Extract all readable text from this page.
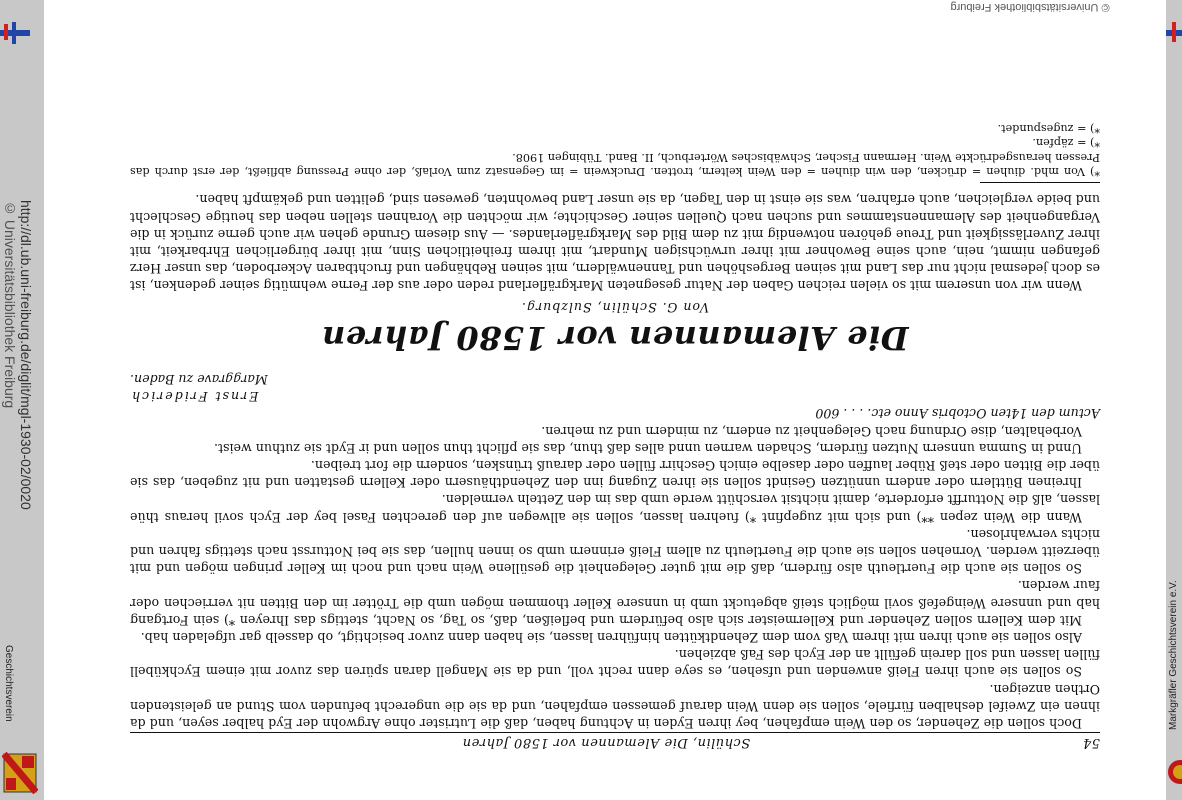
http://dl.ub.uni-freiburg.de/diglit/mgl-1930-02/0020
© Universitätsbibliothek Freiburg
Geschichtsverein	Markgräfler Geschichtsverein e.V.
© Universitätsbibliothek Freiburg
54
Schülin, Die Alemannen vor 1580 Jahren

Doch sollen die Zehender, so den Wein empfahen, bey ihren Eyden in Achtung haben, daß die Lutrister ohne Argwohn der Eyd halber seyen, und da ihnen ein Zweifel deshalben fürfiele, sollen sie denn Wein darauf gemessen empfahen, und da sie die ungerecht befunden vom Stund an geleistenden Orthen anzeigen.

So sollen sie auch ihren Fleiß anwenden und ufsehen, es seye dann recht voll, und da sie Mangell daran spüren das zuvor mit einem Eychkübell füllen lassen und soll darein gefüllt an der Eych des Faß abziehen.

Also sollen sie auch ihren mit ihrem Vaß vom dem Zehendtkütten hinführen lassen, sie haben dann zuvor besichtigt, ob dasselb gar ufgeladen hab.

Mit dem Kellern sollen Zehender und Kellermeister sich also befürdern und befleißen, daß, so Tag, so Nacht, stettigs das Ihreyen *) sein Fortgang hab und unnsere Weingefeß sovil möglich steiß abgetuckt umb in unnsere Keller thommen mögen umb die Trötter im den Bitten nit verriechen oder faur werden.

So sollen sie auch die Fuertleuth also fürdern, daß die mit guter Gelegenheit die gesüllene Wein nach und noch im Keller pringen mögen und mit überzeitt werden. Vornehen sollen sie auch die Fuertleuth zu allem Fleiß erinnern umb so innen hullen, das sie bei Nottursst nach stettigs fahren und nichts verwahrlosen.

Wann die Wein zepen **) und sich mit zugepfint *) fuehren lassen, sollen sie allwegen auf den gerechten Fasel bey der Eych sovil heraus thüe lassen, alß die Notturfft erforderte, damit nichtsit verschütt werde umb das im den Zetteln vermelden.

Ihreinen Büttlern oder andern unnützen Gesindt sollen sie ihren Zugang inn den Zehendthäusern oder Kellern gestatten und nit zugeben, das sie über die Bitten oder steß Rüber lauffen oder daselbe einich Geschirr füllen oder darauß trünsken, sondern die fort treiben.

Unnd in Summa unnsern Nutzen fürdern, Schaden warnen unnd alles daß thun, das sie pflicht thun sollen und ir Eydt sie zuthun weist.

Vorbehalten, dise Ordnung nach Gelegenheit zu endern, zu mindern und zu mehren.

Actum den 14ten Octobris Anno etc. . . . 600
Ernst Friderich
Marggrave zu Baden.
Die Alemannen vor 1580 Jahren
Von G. Schülin, Sulzburg.

Wenn wir von unserem mit so vielen reichen Gaben der Natur gesegneten Markgräflerland reden oder aus der Ferne wehmütig seiner gedenken, ist es doch jedesmal nicht nur das Land mit seinen Bergeshöhen und Tannenwäldern, mit seinen Rebhängen und fruchtbaren Ackerboden, das unser Herz gefangen nimmt, nein, auch seine Bewohner mit ihrer urwüchsigen Mundart, mit ihrem freiheitlichen Sinn, mit ihrer bürgerlichen Ehrbarkeit, mit ihrer Zuverlässigkeit und Treue gehören notwendig mit zu dem Bild des Markgräflerlandes. — Aus diesem Grunde gehen wir auch gerne zurück in die Vergangenheit des Alemannenstammes und suchen nach Quellen seiner Geschichte; wir möchten die Vorahnen stellen neben das heutige Geschlecht und beide vergleichen, auch erfahren, was sie einst in den Tagen, da sie unser Land bewohnten, gewesen sind, gelitten und gekämpft haben.

*) Von mhd. diuhen = drücken, den win diuhen = den Wein keltern, trotten. Druckwein = im Gegensatz zum Vorlaß, der ohne Pressung abfließt, der erst durch das Pressen herausgedrückte Wein. Hermann Fischer, Schwäbisches Wörterbuch, II. Band. Tübingen 1908.

*) = zäpfen.

*) = zugespundet.
